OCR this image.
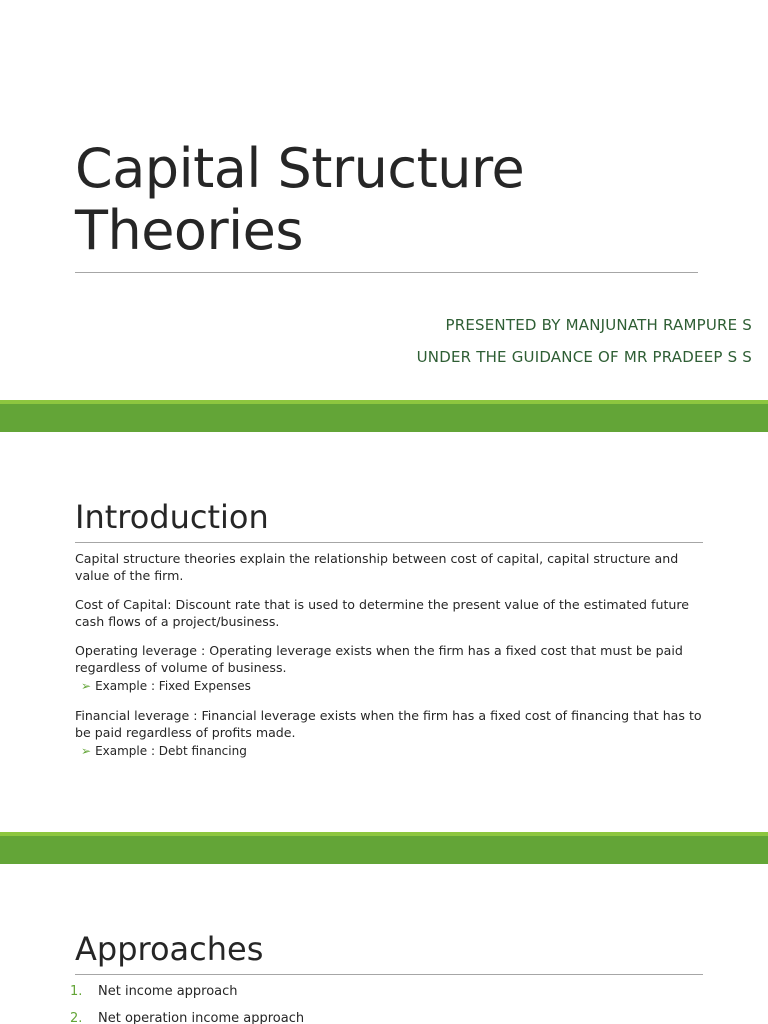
Capital Structure
Theories
PRESENTED BY MANJUNATH RAMPURE S
UNDER THE GUIDANCE OF MR PRADEEP S S
Introduction

Capital structure theories explain the relationship between cost of capital, capital structure and value of the firm.

Cost of Capital: Discount rate that is used to determine the present value of the estimated future cash flows of a project/business.

Operating leverage : Operating leverage exists when the firm has a fixed cost that must be paid regardless of volume of business.

➢ Example : Fixed Expenses

Financial leverage : Financial leverage exists when the firm has a fixed cost of financing that has to be paid regardless of profits made.

➢ Example : Debt financing
Approaches
1. Net income approach
2. Net operation income approach
